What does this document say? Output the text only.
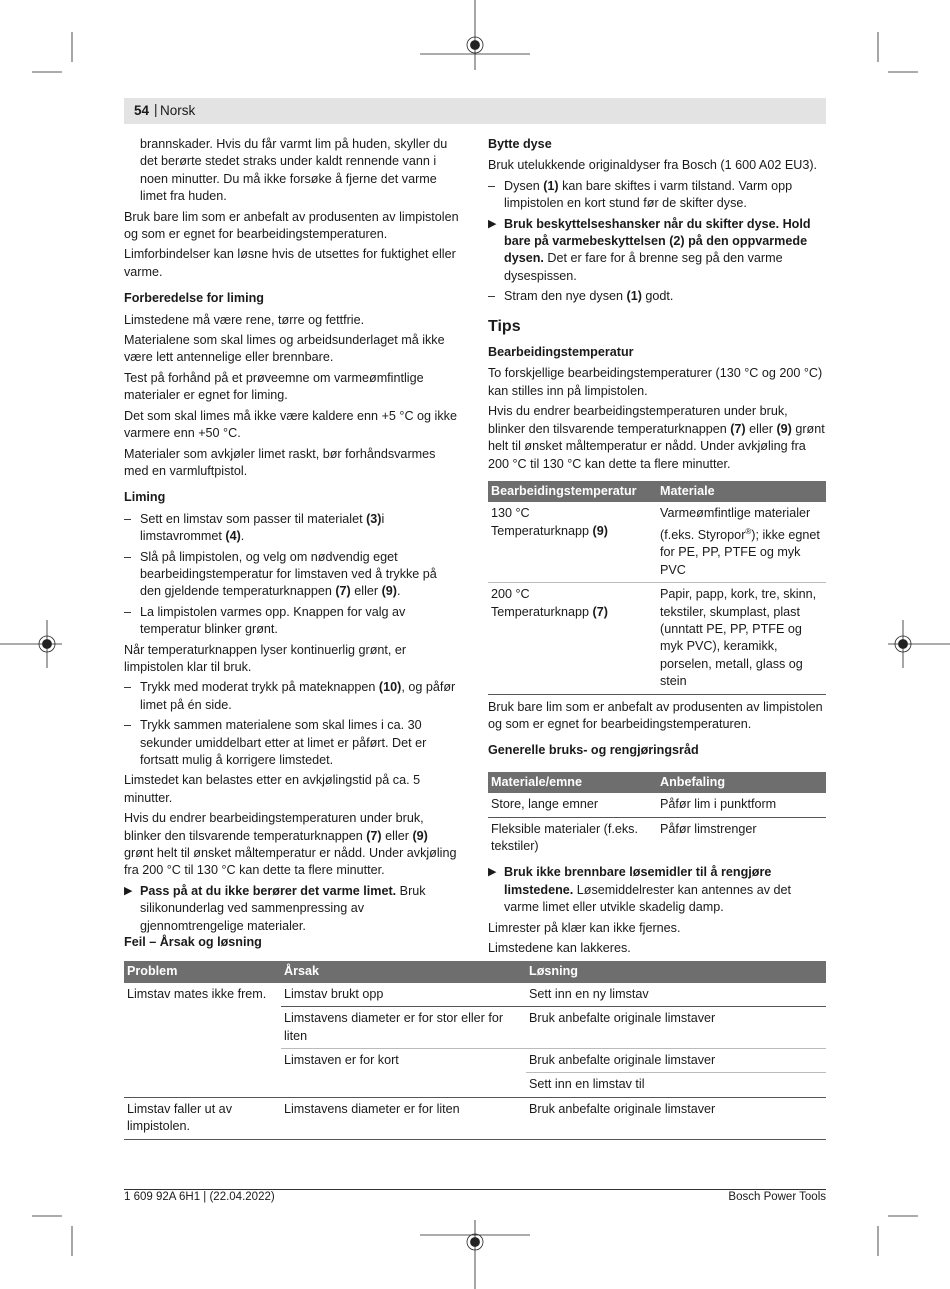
54 | Norsk

brannskader. Hvis du får varmt lim på huden, skyller du det berørte stedet straks under kaldt rennende vann i noen minutter. Du må ikke forsøke å fjerne det varme limet fra huden.

Bruk bare lim som er anbefalt av produsenten av limpistolen og som er egnet for bearbeidingstemperaturen.

Limforbindelser kan løsne hvis de utsettes for fuktighet eller varme.

Forberedelse for liming

Limstedene må være rene, tørre og fettfrie.

Materialene som skal limes og arbeidsunderlaget må ikke være lett antennelige eller brennbare.

Test på forhånd på et prøveemne om varmeømfintlige materialer er egnet for liming.

Det som skal limes må ikke være kaldere enn +5 °C og ikke varmere enn +50 °C.

Materialer som avkjøler limet raskt, bør forhåndsvarmes med en varmluftpistol.

Liming
– Sett en limstav som passer til materialet (3)i limstavrommet (4).
– Slå på limpistolen, og velg om nødvendig eget bearbeidingstemperatur for limstaven ved å trykke på den gjeldende temperaturknappen (7) eller (9).
– La limpistolen varmes opp. Knappen for valg av temperatur blinker grønt.

Når temperaturknappen lyser kontinuerlig grønt, er limpistolen klar til bruk.

– Trykk med moderat trykk på mateknappen (10), og påfør limet på én side.
– Trykk sammen materialene som skal limes i ca. 30 sekunder umiddelbart etter at limet er påført. Det er fortsatt mulig å korrigere limstedet.

Limstedet kan belastes etter en avkjølingstid på ca. 5 minutter.

Hvis du endrer bearbeidingstemperaturen under bruk, blinker den tilsvarende temperaturknappen (7) eller (9) grønt helt til ønsket måltemperatur er nådd. Under avkjøling fra 200 °C til 130 °C kan dette ta flere minutter.

▶ Pass på at du ikke berører det varme limet. Bruk silikonunderlag ved sammenpressing av gjennomtrengelige materialer.
Bytte dyse

Bruk utelukkende originaldyser fra Bosch (1 600 A02 EU3).

– Dysen (1) kan bare skiftes i varm tilstand. Varm opp limpistolen en kort stund før de skifter dyse.
▶ Bruk beskyttelseshansker når du skifter dyse. Hold bare på varmebeskyttelsen (2) på den oppvarmede dysen. Det er fare for å brenne seg på den varme dysespissen.
– Stram den nye dysen (1) godt.
Tips
Bearbeidingstemperatur

To forskjellige bearbeidingstemperaturer (130 °C og 200 °C) kan stilles inn på limpistolen.

Hvis du endrer bearbeidingstemperaturen under bruk, blinker den tilsvarende temperaturknappen (7) eller (9) grønt helt til ønsket måltemperatur er nådd. Under avkjøling fra 200 °C til 130 °C kan dette ta flere minutter.

Bearbeidingstemperatur	Materiale
130 °C
Temperaturknapp (9)	Varmeømfintlige materialer (f.eks. Styropor®); ikke egnet for PE, PP, PTFE og myk PVC
200 °C
Temperaturknapp (7)	Papir, papp, kork, tre, skinn, tekstiler, skumplast, plast (unntatt PE, PP, PTFE og myk PVC), keramikk, porselen, metall, glass og stein

Bruk bare lim som er anbefalt av produsenten av limpistolen og som er egnet for bearbeidingstemperaturen.

Generelle bruks- og rengjøringsråd
Materiale/emne	Anbefaling
Store, lange emner	Påfør lim i punktform
Fleksible materialer (f.eks. tekstiler)	Påfør limstrenger
▶ Bruk ikke brennbare løsemidler til å rengjøre limstedene. Løsemiddelrester kan antennes av det varme limet eller utvikle skadelig damp.

Limrester på klær kan ikke fjernes.

Limstedene kan lakkeres.

Feil – Årsak og løsning
Problem	Årsak	Løsning
Limstav mates ikke frem.	Limstav brukt opp	Sett inn en ny limstav
	Limstavens diameter er for stor eller for liten	Bruk anbefalte originale limstaver
	Limstaven er for kort	Bruk anbefalte originale limstaver
		Sett inn en limstav til
Limstav faller ut av limpistolen.	Limstavens diameter er for liten	Bruk anbefalte originale limstaver
1 609 92A 6H1 | (22.04.2022)	Bosch Power Tools
